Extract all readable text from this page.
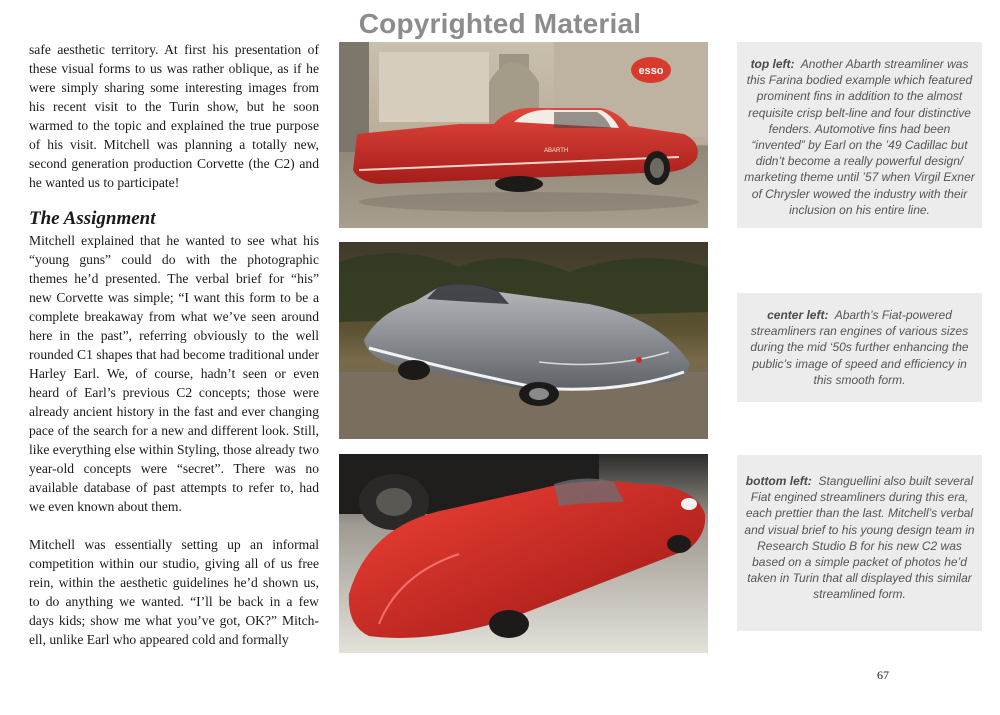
Copyrighted Material

safe aesthetic territory. At first his presentation of these visual forms to us was rather oblique, as if he were simply sharing some interesting images from his recent visit to the Turin show, but he soon warmed to the topic and explained the true purpose of his visit. Mitchell was planning a totally new, second generation production Corvette (the C2) and he wanted us to participate!

The Assignment

Mitchell explained that he wanted to see what his “young guns” could do with the photographic themes he’d presented. The verbal brief for “his” new Corvette was simple; “I want this form to be a complete breakaway from what we’ve seen around here in the past”, referring obviously to the well rounded C1 shapes that had become traditional under Harley Earl. We, of course, hadn’t seen or even heard of Earl’s previous C2 concepts; those were already ancient history in the fast and ever changing pace of the search for a new and different look. Still, like everything else within Styling, those already two year-old concepts were “secret”. There was no available database of past attempts to refer to, had we even known about them.

Mitchell was essentially setting up an informal competition within our studio, giving all of us free rein, within the aesthetic guidelines he’d shown us, to do anything we wanted. “I’ll be back in a few days kids; show me what you’ve got, OK?” Mitch-ell, unlike Earl who appeared cold and formally

esso
ABARTH
top left: Another Abarth streamliner was this Farina bodied example which featured prominent fins in addition to the almost requisite crisp belt-line and four distinctive fenders. Automotive fins had been “invented” by Earl on the ’49 Cadillac but didn’t become a really powerful design/ marketing theme until ’57 when Virgil Exner of Chrysler wowed the industry with their inclusion on his entire line.
center left: Abarth’s Fiat-powered streamliners ran engines of various sizes during the mid ‘50s further enhancing the public’s image of speed and efficiency in this smooth form.
bottom left: Stanguellini also built several Fiat engined streamliners during this era, each prettier than the last. Mitchell’s verbal and visual brief to his young design team in Research Studio B for his new C2 was based on a simple packet of photos he’d taken in Turin that all displayed this similar streamlined form.
67
